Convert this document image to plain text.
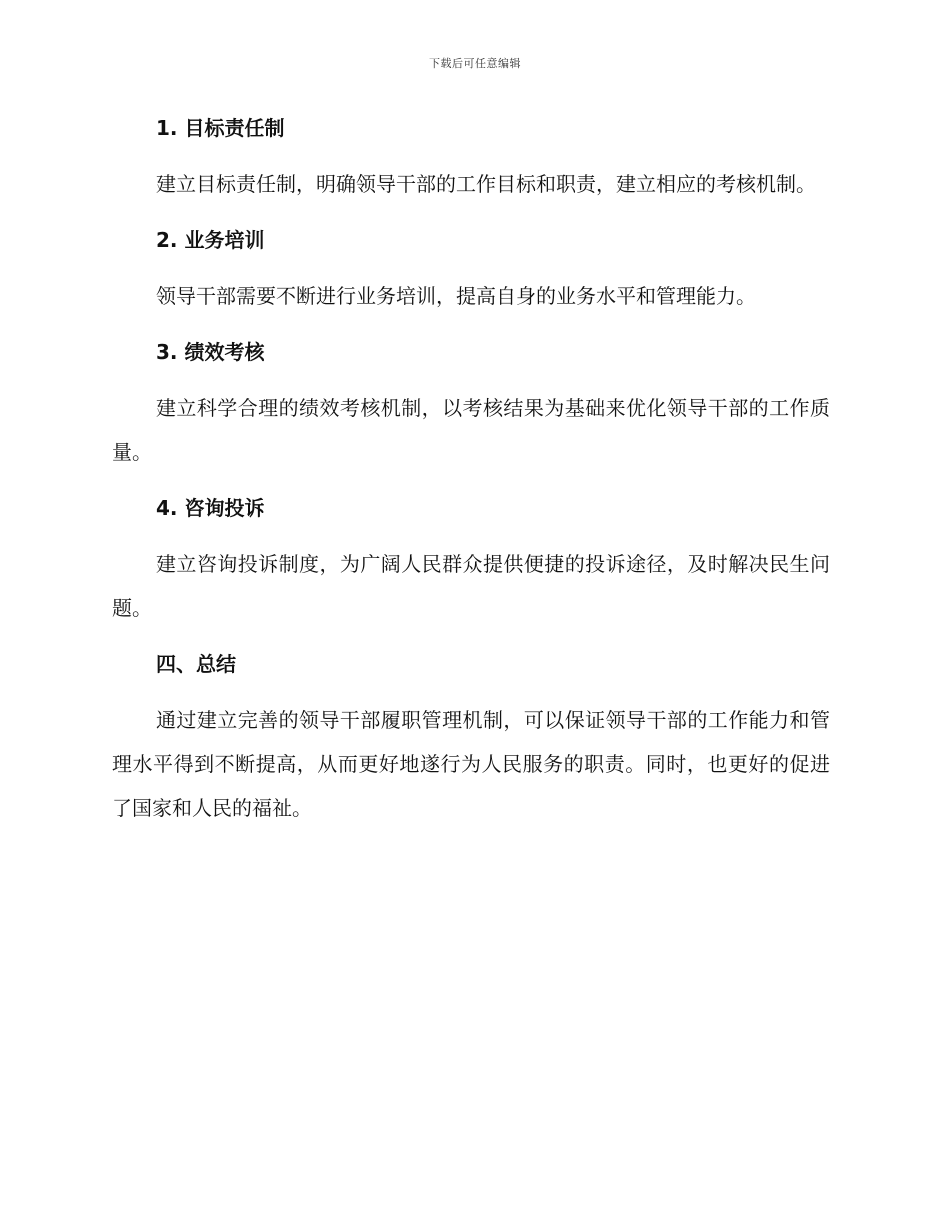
下载后可任意编辑

1. 目标责任制

建立目标责任制，明确领导干部的工作目标和职责，建立相应的考核机制。

2. 业务培训

领导干部需要不断进行业务培训，提高自身的业务水平和管理能力。

3. 绩效考核

建立科学合理的绩效考核机制，以考核结果为基础来优化领导干部的工作质量。

4. 咨询投诉

建立咨询投诉制度，为广阔人民群众提供便捷的投诉途径，及时解决民生问题。

四、总结

通过建立完善的领导干部履职管理机制，可以保证领导干部的工作能力和管理水平得到不断提高，从而更好地遂行为人民服务的职责。同时，也更好的促进了国家和人民的福祉。
